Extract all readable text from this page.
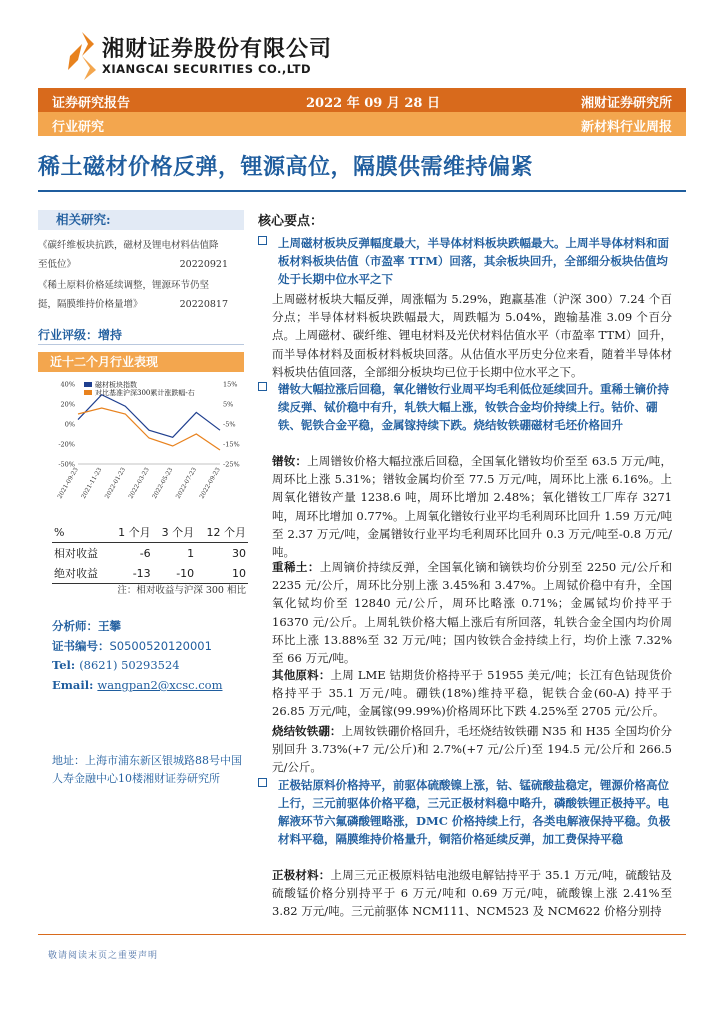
湘财证券股份有限公司
XIANGCAI SECURITIES CO.,LTD
证券研究报告	2022 年 09 月 28 日	湘财证券研究所
行业研究	新材料行业周报
稀土磁材价格反弹，锂源高位，隔膜供需维持偏紧
相关研究:
《碳纤维板块抗跌，磁材及锂电材料估值降
至低位》	20220921
《稀土原料价格延续调整，锂源环节仍坚
挺，隔膜维持价格量增》	20220817
行业评级：增持
近十二个月行业表现
40%	15%
20%	5%
0%	-5%
-20%	-15%
-50%	-25%
2021-09-23 2021-11-23 2022-01-23 2022-03-23 2022-05-23 2022-07-23 2022-09-23
磁材板块指数
对比基准沪深300累计涨跌幅-右
%	1 个月	3 个月	12 个月
相对收益	-6	1	30
绝对收益	-13	-10	10
注：相对收益与沪深 300 相比
分析师：王攀
证书编号：S0500520120001
Tel: (8621) 50293524
Email: wangpan2@xcsc.com
地址：上海市浦东新区银城路88号中国人寿金融中心10楼湘财证券研究所
核心要点：
上周磁材板块反弹幅度最大，半导体材料板块跌幅最大。上周半导体材料和面板材料板块估值（市盈率 TTM）回落，其余板块回升，全部细分板块估值均处于长期中位水平之下
上周磁材板块大幅反弹，周涨幅为 5.29%，跑赢基准（沪深 300）7.24 个百分点；半导体材料板块跌幅最大，周跌幅为 5.04%，跑输基准 3.09 个百分点。上周磁材、碳纤维、锂电材料及光伏材料估值水平（市盈率 TTM）回升，而半导体材料及面板材料板块回落。从估值水平历史分位来看，随着半导体材料板块估值回落，全部细分板块均已位于长期中位水平之下。
镨钕大幅拉涨后回稳，氧化镨钕行业周平均毛利低位延续回升。重稀土镝价持续反弹、铽价稳中有升，轧铁大幅上涨，钕铁合金均价持续上行。钴价、硼铁、铌铁合金平稳，金属镓持续下跌。烧结钕铁硼磁材毛坯价格回升
镨钕：上周镨钕价格大幅拉涨后回稳，全国氧化镨钕均价至至 63.5 万元/吨，周环比上涨 5.31%；镨钕金属均价至 77.5 万元/吨，周环比上涨 6.16%。上周氧化镨钕产量 1238.6 吨，周环比增加 2.48%；氧化镨钕工厂库存 3271 吨，周环比增加 0.77%。上周氧化镨钕行业平均毛利周环比回升 1.59 万元/吨至 2.37 万元/吨，金属镨钕行业平均毛利周环比回升 0.3 万元/吨至-0.8 万元/吨。
重稀土：上周镝价持续反弹，全国氧化镝和镝铁均价分别至 2250 元/公斤和 2235 元/公斤，周环比分别上涨 3.45%和 3.47%。上周铽价稳中有升，全国氧化铽均价至 12840 元/公斤，周环比略涨 0.71%；金属铽均价持平于 16370 元/公斤。上周轧铁价格大幅上涨后有所回落，轧铁合金全国内均价周环比上涨 13.88%至 32 万元/吨；国内钕铁合金持续上行，均价上涨 7.32%至 66 万元/吨。
其他原料：上周 LME 钴期货价格持平于 51955 美元/吨；长江有色钴现货价格持平于 35.1 万元/吨。硼铁(18%)维持平稳，铌铁合金(60-A) 持平于 26.85 万元/吨，金属镓(99.99%)价格周环比下跌 4.25%至 2705 元/公斤。
烧结钕铁硼：上周钕铁硼价格回升，毛坯烧结钕铁硼 N35 和 H35 全国均价分别回升 3.73%(+7 元/公斤)和 2.7%(+7 元/公斤)至 194.5 元/公斤和 266.5 元/公斤。
正极钴原料价格持平，前驱体硫酸镍上涨，钴、锰硫酸盐稳定，锂源价格高位上行，三元前驱体价格平稳，三元正极材料稳中略升，磷酸铁锂正极持平。电解液环节六氟磷酸锂略涨，DMC 价格持续上行，各类电解液保持平稳。负极材料平稳，隔膜维持价格量升，铜箔价格延续反弹，加工费保持平稳
正极材料：上周三元正极原料钴电池级电解钴持平于 35.1 万元/吨，硫酸钴及硫酸锰价格分别持平于 6 万元/吨和 0.69 万元/吨，硫酸镍上涨 2.41%至 3.82 万元/吨。三元前驱体 NCM111、NCM523 及 NCM622 价格分别持
敬请阅读末页之重要声明
